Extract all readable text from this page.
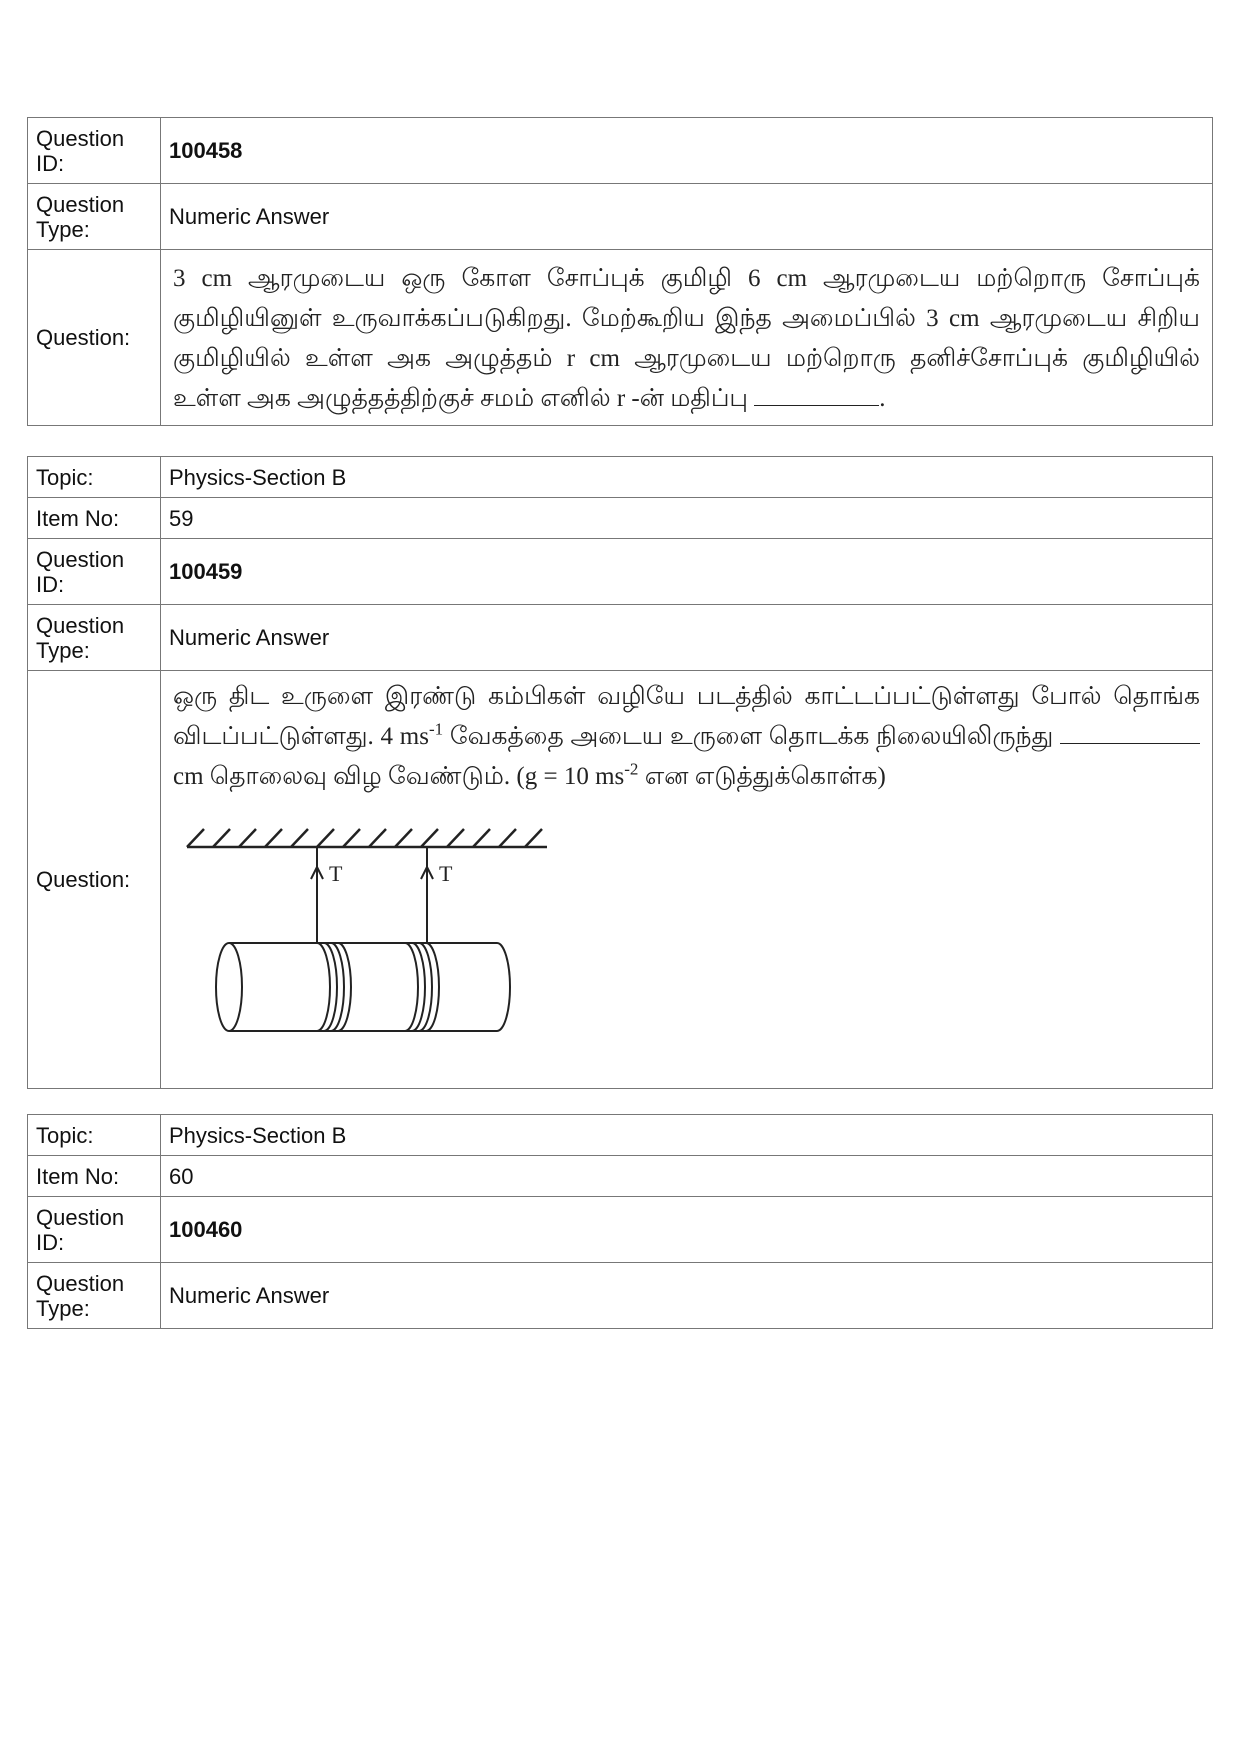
Question ID:	100458
Question Type:	Numeric Answer
Question:	3 cm ஆரமுடைய ஒரு கோள சோப்புக் குமிழி 6 cm ஆரமுடைய மற்றொரு சோப்புக் குமிழியினுள் உருவாக்கப்படுகிறது. மேற்கூறிய இந்த அமைப்பில் 3 cm ஆரமுடைய சிறிய குமிழியில் உள்ள அக அழுத்தம் r cm ஆரமுடைய மற்றொரு தனிச்சோப்புக் குமிழியில் உள்ள அக அழுத்தத்திற்குச் சமம் எனில் r -ன் மதிப்பு .
Topic:	Physics-Section B
Item No:	59
Question ID:	100459
Question Type:	Numeric Answer
Question:	ஒரு திட உருளை இரண்டு கம்பிகள் வழியே படத்தில் காட்டப்பட்டுள்ளது போல் தொங்க விடப்பட்டுள்ளது. 4 $ms^{-1}$ வேகத்தை அடைய உருளை தொடக்க நிலையிலிருந்து  cm தொலைவு விழ வேண்டும். (g = 10 $ms^{-2}$ என எடுத்துக்கொள்க)
T T
Topic:	Physics-Section B
Item No:	60
Question ID:	100460
Question Type:	Numeric Answer
